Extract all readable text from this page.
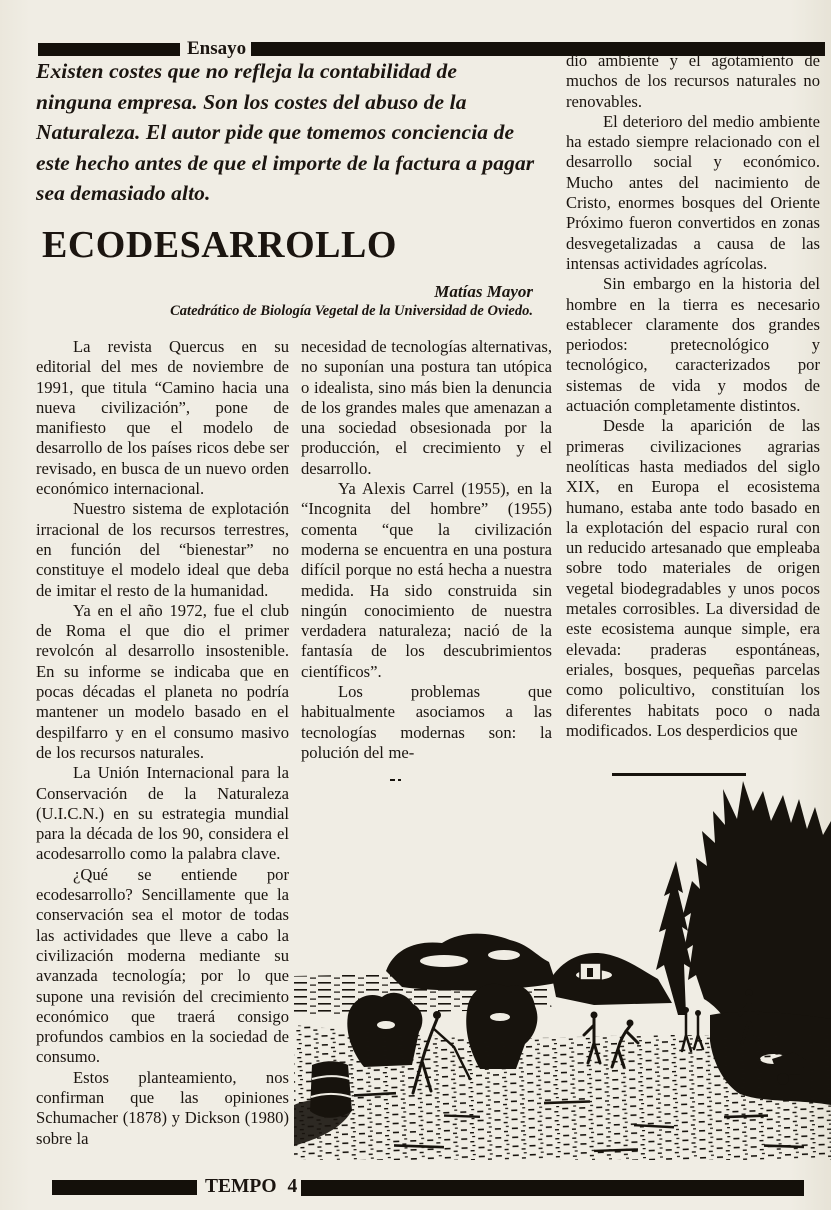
Ensayo
Existen costes que no refleja la contabilidad de ninguna empresa. Son los costes del abuso de la Naturaleza. El autor pide que tomemos conciencia de este hecho antes de que el importe de la factura a pagar sea demasiado alto.
ECODESARROLLO
Matías Mayor
Catedrático de Biología Vegetal de la Universidad de Oviedo.

La revista Quercus en su editorial del mes de noviembre de 1991, que titula “Camino hacia una nueva civilización”, pone de manifiesto que el modelo de desarrollo de los países ricos debe ser revisado, en busca de un nuevo orden económico internacional.

Nuestro sistema de explotación irracional de los recursos terrestres, en función del “bienestar” no constituye el modelo ideal que deba de imitar el resto de la humanidad.

Ya en el año 1972, fue el club de Roma el que dio el primer revolcón al desarrollo insostenible. En su informe se indicaba que en pocas décadas el planeta no podría mantener un modelo basado en el despilfarro y en el consumo masivo de los recursos naturales.

La Unión Internacional para la Conservación de la Naturaleza (U.I.C.N.) en su estrategia mundial para la década de los 90, considera el acodesarrollo como la palabra clave.

¿Qué se entiende por ecodesarrollo? Sencillamente que la conservación sea el motor de todas las actividades que lleve a cabo la civilización moderna mediante su avanzada tecnología; por lo que supone una revisión del crecimiento económico que traerá consigo profundos cambios en la sociedad de consumo.

Estos planteamiento, nos confirman que las opiniones Schumacher (1878) y Dickson (1980) sobre la

necesidad de tecnologías alternativas, no suponían una postura tan utópica o idealista, sino más bien la denuncia de los grandes males que amenazan a una sociedad obsesionada por la producción, el crecimiento y el desarrollo.

Ya Alexis Carrel (1955), en la “Incognita del hombre” (1955) comenta “que la civilización moderna se encuentra en una postura difícil porque no está hecha a nuestra medida. Ha sido construida sin ningún conocimiento de nuestra verdadera naturaleza; nació de la fantasía de los descubrimientos científicos”.

Los problemas que habitualmente asociamos a las tecnologías modernas son: la polución del me-

dio ambiente y el agotamiento de muchos de los recursos naturales no renovables.

El deterioro del medio ambiente ha estado siempre relacionado con el desarrollo social y económico. Mucho antes del nacimiento de Cristo, enormes bosques del Oriente Próximo fueron convertidos en zonas desvegetalizadas a causa de las intensas actividades agrícolas.

Sin embargo en la historia del hombre en la tierra es necesario establecer claramente dos grandes periodos: pretecnológico y tecnológico, caracterizados por sistemas de vida y modos de actuación completamente distintos.

Desde la aparición de las primeras civilizaciones agrarias neolíticas hasta mediados del siglo XIX, en Europa el ecosistema humano, estaba ante todo basado en la explotación del espacio rural con un reducido artesanado que empleaba sobre todo materiales de origen vegetal biodegradables y unos pocos metales corrosibles. La diversidad de este ecosistema aunque simple, era elevada: praderas espontáneas, eriales, bosques, pequeñas parcelas como policultivo, constituían los diferentes habitats poco o nada modificados. Los desperdicios que

TEMPO 4
